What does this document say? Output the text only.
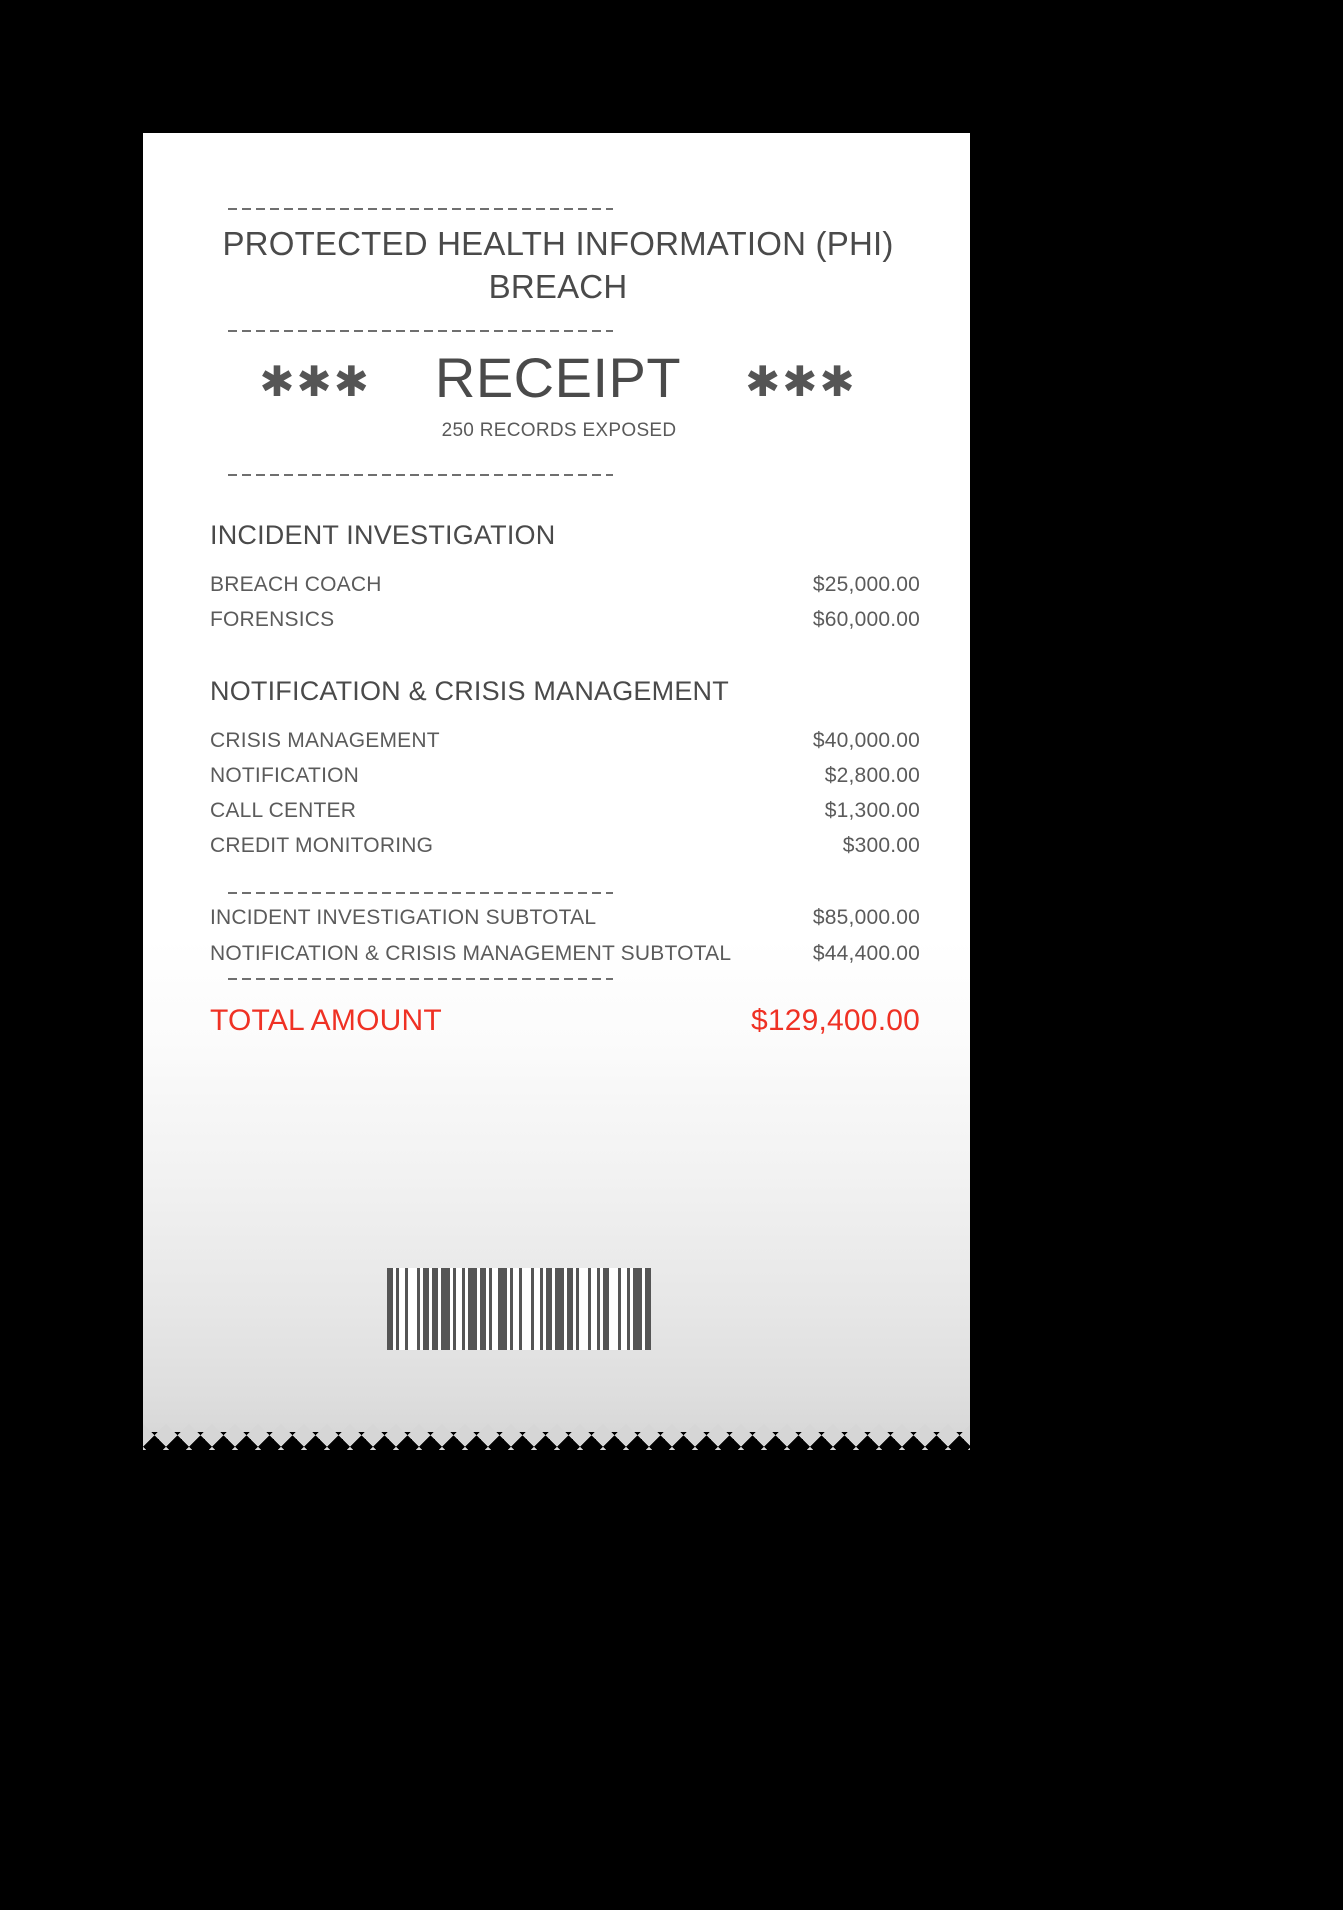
PROTECTED HEALTH INFORMATION (PHI) BREACH
✱✱✱ RECEIPT ✱✱✱
250 RECORDS EXPOSED
INCIDENT INVESTIGATION
BREACH COACH	$25,000.00
FORENSICS	$60,000.00
NOTIFICATION & CRISIS MANAGEMENT
CRISIS MANAGEMENT	$40,000.00
NOTIFICATION	$2,800.00
CALL CENTER	$1,300.00
CREDIT MONITORING	$300.00
INCIDENT INVESTIGATION SUBTOTAL	$85,000.00
NOTIFICATION & CRISIS MANAGEMENT SUBTOTAL	$44,400.00
TOTAL AMOUNT	$129,400.00
